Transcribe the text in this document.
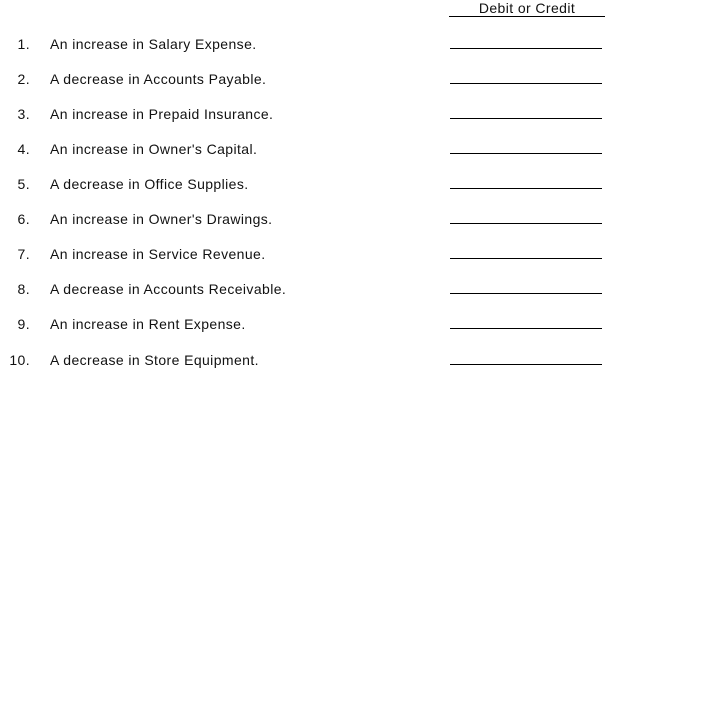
Debit or Credit
1. An increase in Salary Expense.
2. A decrease in Accounts Payable.
3. An increase in Prepaid Insurance.
4. An increase in Owner's Capital.
5. A decrease in Office Supplies.
6. An increase in Owner's Drawings.
7. An increase in Service Revenue.
8. A decrease in Accounts Receivable.
9. An increase in Rent Expense.
10. A decrease in Store Equipment.
